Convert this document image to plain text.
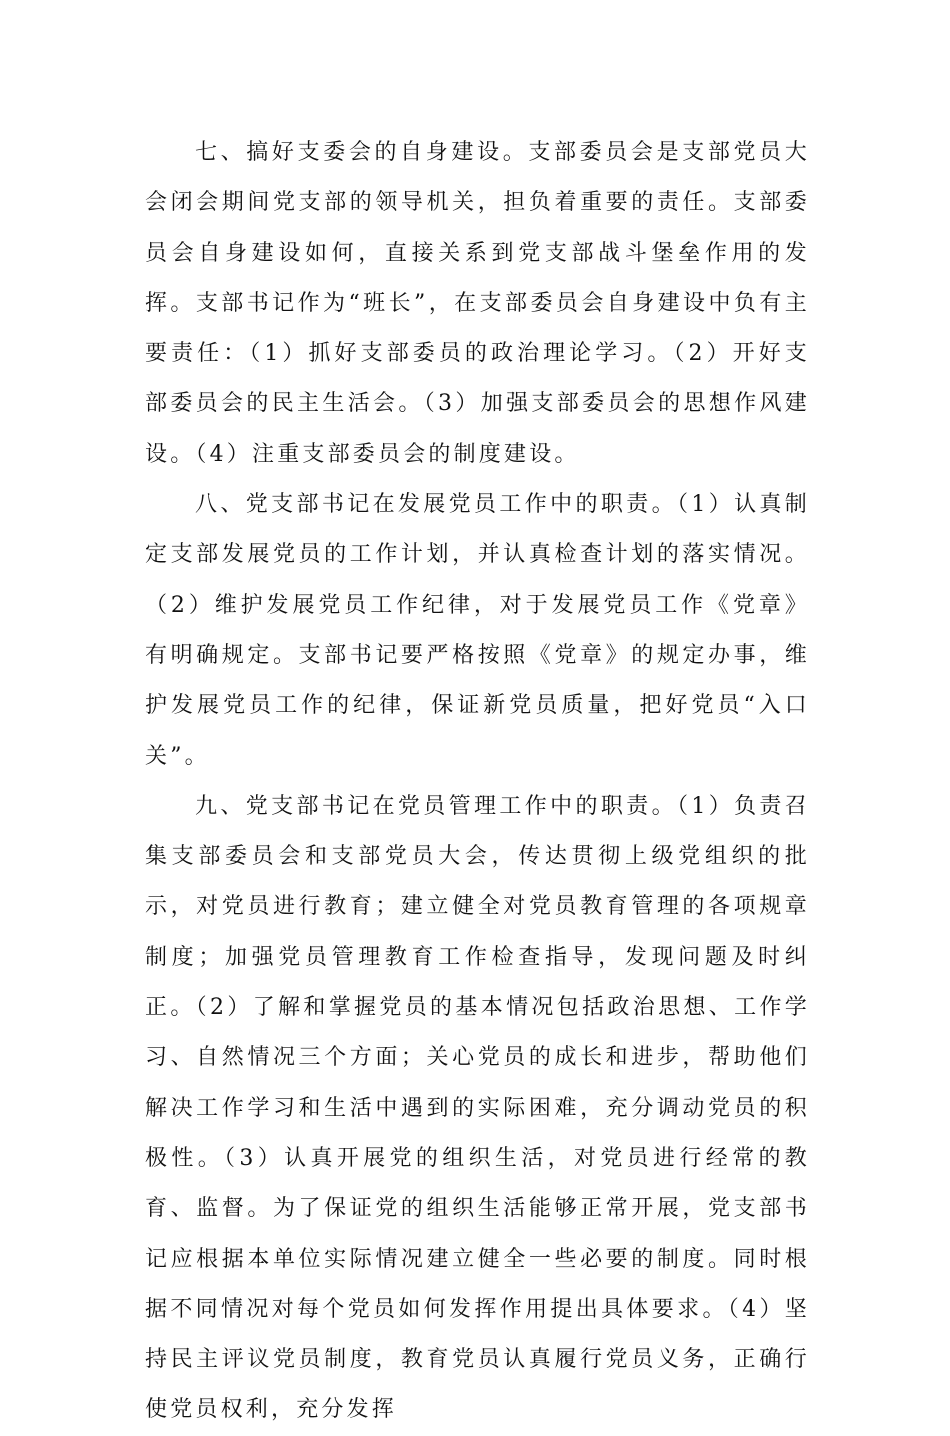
七、搞好支委会的自身建设。支部委员会是支部党员大会闭会期间党支部的领导机关，担负着重要的责任。支部委员会自身建设如何，直接关系到党支部战斗堡垒作用的发挥。支部书记作为“班长”，在支部委员会自身建设中负有主要责任：（1）抓好支部委员的政治理论学习。（2）开好支部委员会的民主生活会。（3）加强支部委员会的思想作风建设。（4）注重支部委员会的制度建设。

八、党支部书记在发展党员工作中的职责。（1）认真制定支部发展党员的工作计划，并认真检查计划的落实情况。（2）维护发展党员工作纪律，对于发展党员工作《党章》有明确规定。支部书记要严格按照《党章》的规定办事，维护发展党员工作的纪律，保证新党员质量，把好党员“入口关”。

九、党支部书记在党员管理工作中的职责。（1）负责召集支部委员会和支部党员大会，传达贯彻上级党组织的批示，对党员进行教育；建立健全对党员教育管理的各项规章制度；加强党员管理教育工作检查指导，发现问题及时纠正。（2）了解和掌握党员的基本情况包括政治思想、工作学习、自然情况三个方面；关心党员的成长和进步，帮助他们解决工作学习和生活中遇到的实际困难，充分调动党员的积极性。（3）认真开展党的组织生活，对党员进行经常的教育、监督。为了保证党的组织生活能够正常开展，党支部书记应根据本单位实际情况建立健全一些必要的制度。同时根据不同情况对每个党员如何发挥作用提出具体要求。（4）坚持民主评议党员制度，教育党员认真履行党员义务，正确行使党员权利，充分发挥
